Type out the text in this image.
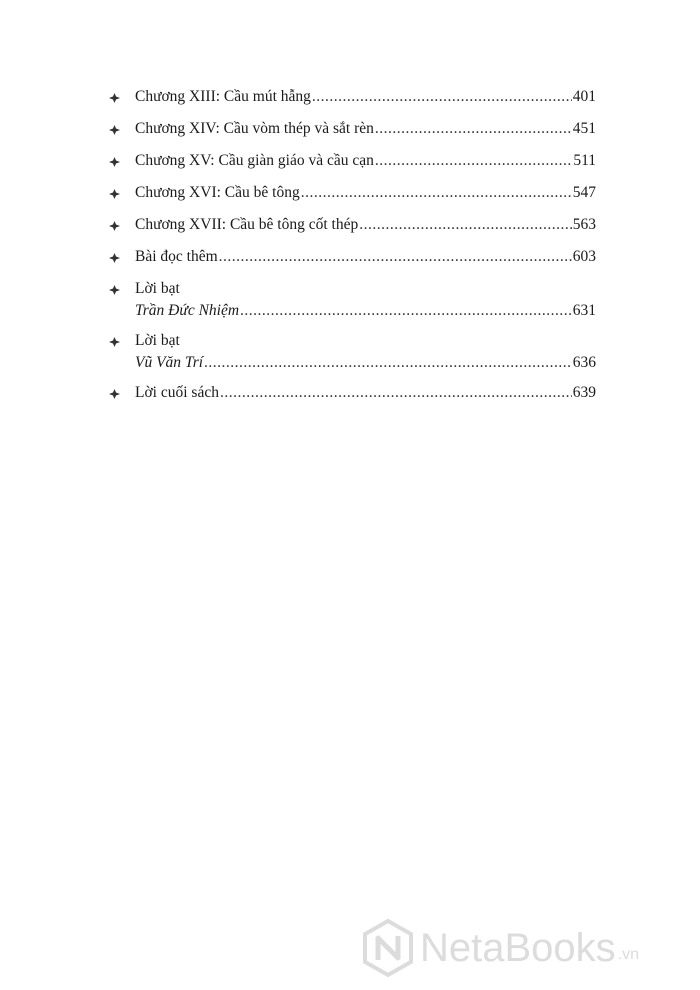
Chương XIII: Cầu mút hẫng .....	401
Chương XIV: Cầu vòm thép và sắt rèn .....	451
Chương XV: Cầu giàn giáo và cầu cạn .....	511
Chương XVI: Cầu bê tông .....	547
Chương XVII: Cầu bê tông cốt thép .....	563
Bài đọc thêm .....	603
Lời bạt
Trần Đức Nhiệm .....	631
Lời bạt
Vũ Văn Trí .....	636
Lời cuối sách .....	639
NetaBooks .vn
